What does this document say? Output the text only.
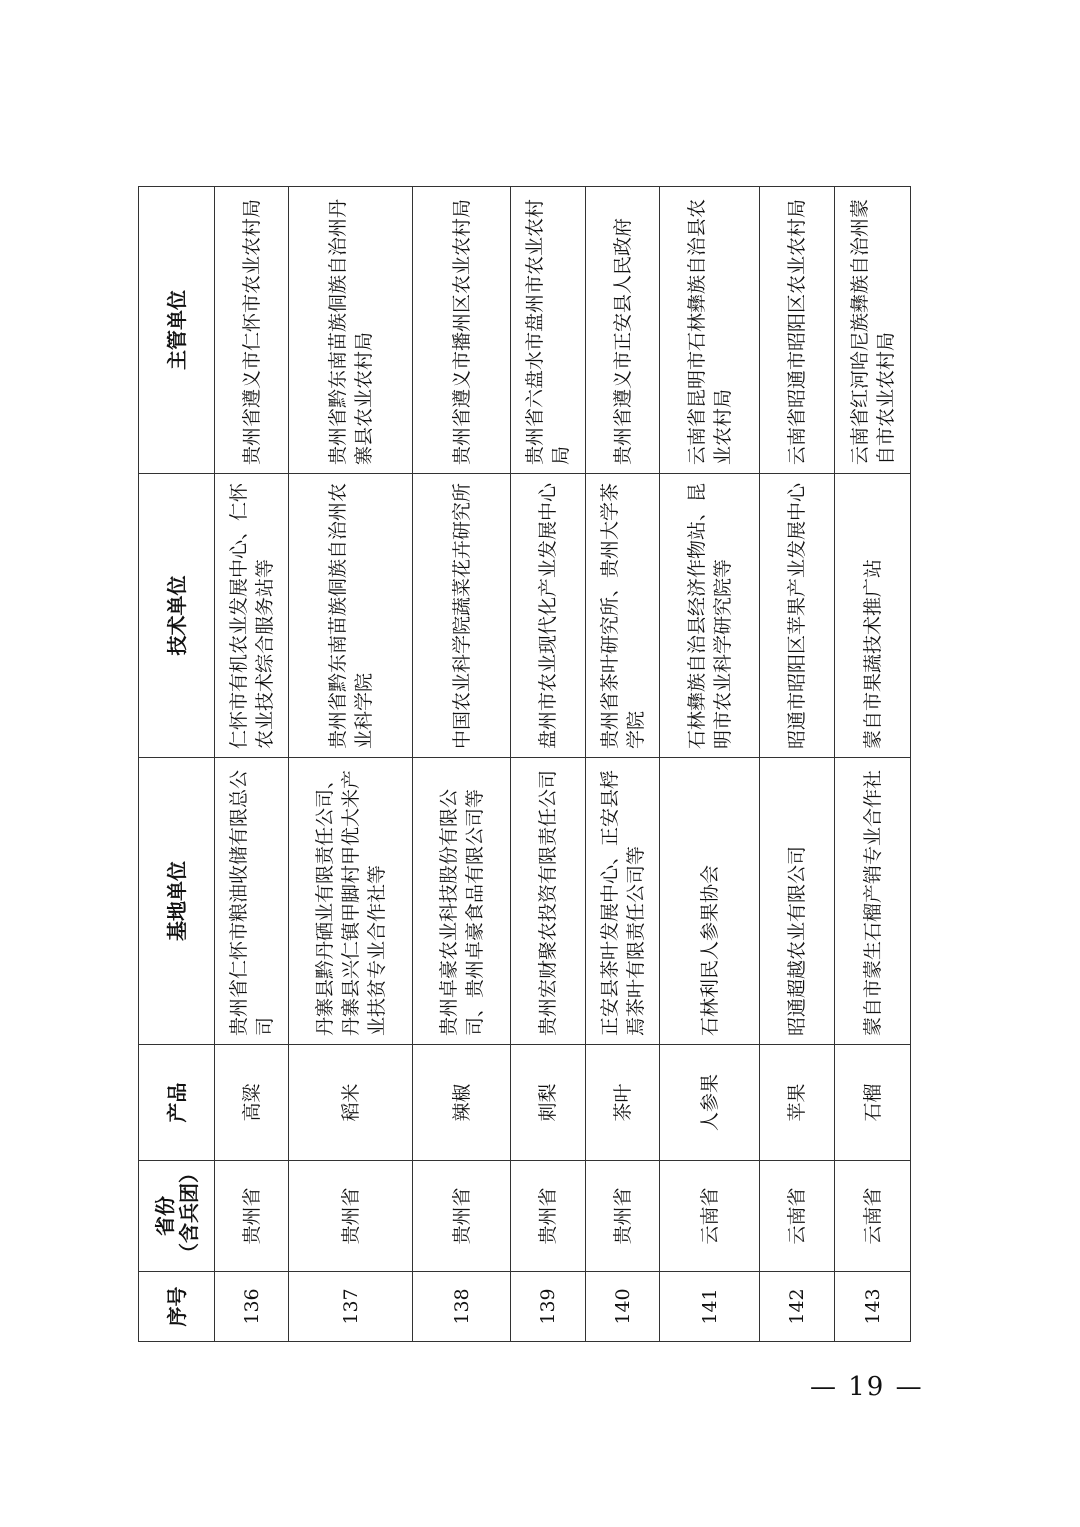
序号	省份 （含兵团）	产品	基地单位	技术单位	主管单位
136	贵州省	高粱	贵州省仁怀市粮油收储有限总公司	仁怀市有机农业发展中心、仁怀农业技术综合服务站等	贵州省遵义市仁怀市农业农村局
137	贵州省	稻米	丹寨县黔丹硒业有限责任公司、丹寨县兴仁镇甲脚村甲优大米产业扶贫专业合作社等	贵州省黔东南苗族侗族自治州农业科学院	贵州省黔东南苗族侗族自治州丹寨县农业农村局
138	贵州省	辣椒	贵州卓豪农业科技股份有限公司、贵州卓豪食品有限公司等	中国农业科学院蔬菜花卉研究所	贵州省遵义市播州区农业农村局
139	贵州省	刺梨	贵州宏财聚农投资有限责任公司	盘州市农业现代化产业发展中心	贵州省六盘水市盘州市农业农村局
140	贵州省	茶叶	正安县茶叶发展中心、正安县桴焉茶叶有限责任公司等	贵州省茶叶研究所、贵州大学茶学院	贵州省遵义市正安县人民政府
141	云南省	人参果	石林利民人参果协会	石林彝族自治县经济作物站、昆明市农业科学研究院等	云南省昆明市石林彝族自治县农业农村局
142	云南省	苹果	昭通超越农业有限公司	昭通市昭阳区苹果产业发展中心	云南省昭通市昭阳区农业农村局
143	云南省	石榴	蒙自市蒙生石榴产销专业合作社	蒙自市果蔬技术推广站	云南省红河哈尼族彝族自治州蒙自市农业农村局
— 19 —
